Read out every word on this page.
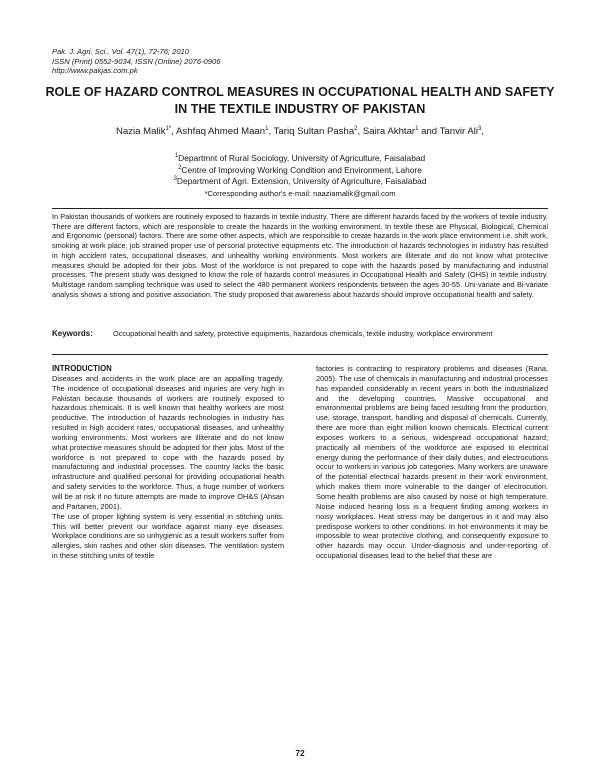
Pak. J. Agri. Sci., Vol. 47(1), 72-76; 2010
ISSN (Print) 0552-9034, ISSN (Online) 2076-0906
http://www.pakjas.com.pk
ROLE OF HAZARD CONTROL MEASURES IN OCCUPATIONAL HEALTH AND SAFETY IN THE TEXTILE INDUSTRY OF PAKISTAN
Nazia Malik$^{1*}$, Ashfaq Ahmed Maan$^1$, Tariq Sultan Pasha$^2$, Saira Akhtar$^1$ and Tanvir Ali$^3$,
$^1$Departmnt of Rural Sociology, University of Agriculture, Faisalabad
$^2$Centre of Improving Working Condition and Environment, Lahore
$^3$Department of Agri. Extension, University of Agriculture, Faisalabad
*Corresponding author's e-mail: naaziamalik@gmail.com

In Pakistan thousands of workers are routinely exposed to hazards in textile industry. There are different hazards faced by the workers of textile industry. There are different factors, which are responsible to create the hazards in the working environment. In textile these are Physical, Biological, Chemical and Ergonomic (personal) factors. There are some other aspects, which are responsible to create hazards in the work place environment i.e. shift work, smoking at work place, job strained proper use of personal protective equipments etc. The introduction of hazards technologies in industry has resulted in high accident rates, occupational diseases, and unhealthy working environments. Most workers are illiterate and do not know what protective measures should be adopted for their jobs. Most of the workforce is not prepared to cope with the hazards posed by manufacturing and industrial processes. The present study was designed to know the role of hazards control measures in Occupational Health and Safety (OHS) in textile industry. Multistage random sampling technique was used to select the 480 permanent workers respondents between the ages 30-55. Uni-variate and Bi-variate analysis shows a strong and positive association. The study proposed that awareness about hazards should improve occupational health and safety.

Keywords:	Occupational health and safety, protective equipments, hazardous chemicals, textile industry, workplace environment

INTRODUCTION

Diseases and accidents in the work place are an appalling tragedy. The incidence of occupational diseases and injuries are very high in Pakistan because thousands of workers are routinely exposed to hazardous chemicals. It is well known that healthy workers are most productive. The introduction of hazards technologies in industry has resulted in high accident rates, occupational diseases, and unhealthy working environments. Most workers are illiterate and do not know what protective measures should be adopted for their jobs. Most of the workforce is not prepared to cope with the hazards posed by manufacturing and industrial processes. The country lacks the basic infrastructure and qualified personal for providing occupational health and safety services to the workforce. Thus, a huge number of workers will be at risk if no future attempts are made to improve OH&S (Ahsan and Partanen, 2001).

The use of proper lighting system is very essential in stitching units. This will better prevent our workface against many eye diseases. Workplace conditions are so unhygienic as a result workers suffer from allergies, skin rashes and other skin diseases. The ventilation system in these stitching units of textile

factories is contracting to respiratory problems and diseases (Rana, 2005). The use of chemicals in manufacturing and industrial processes has expanded considerably in recent years in both the industrialized and the developing countries. Massive occupational and environmental problems are being faced resulting from the production, use, storage, transport, handling and disposal of chemicals. Currently, there are more than eight million known chemicals. Electrical current exposes workers to a serious, widespread occupational hazard; practically all members of the workforce are exposed to electrical energy during the performance of their daily duties, and electrocutions occur to workers in various job categories. Many workers are unaware of the potential electrical hazards present in their work environment, which makes them more vulnerable to the danger of electrocution. Some health problems are also caused by noise or high temperature. Noise induced hearing loss is a frequent finding among workers in noisy workplaces. Heat stress may be dangerous in it and may also predispose workers to other conditions. In hot environments it may be impossible to wear protective clothing, and consequently exposure to other hazards may occur. Under-diagnosis and under-reporting of occupational diseases lead to the belief that these are

72
